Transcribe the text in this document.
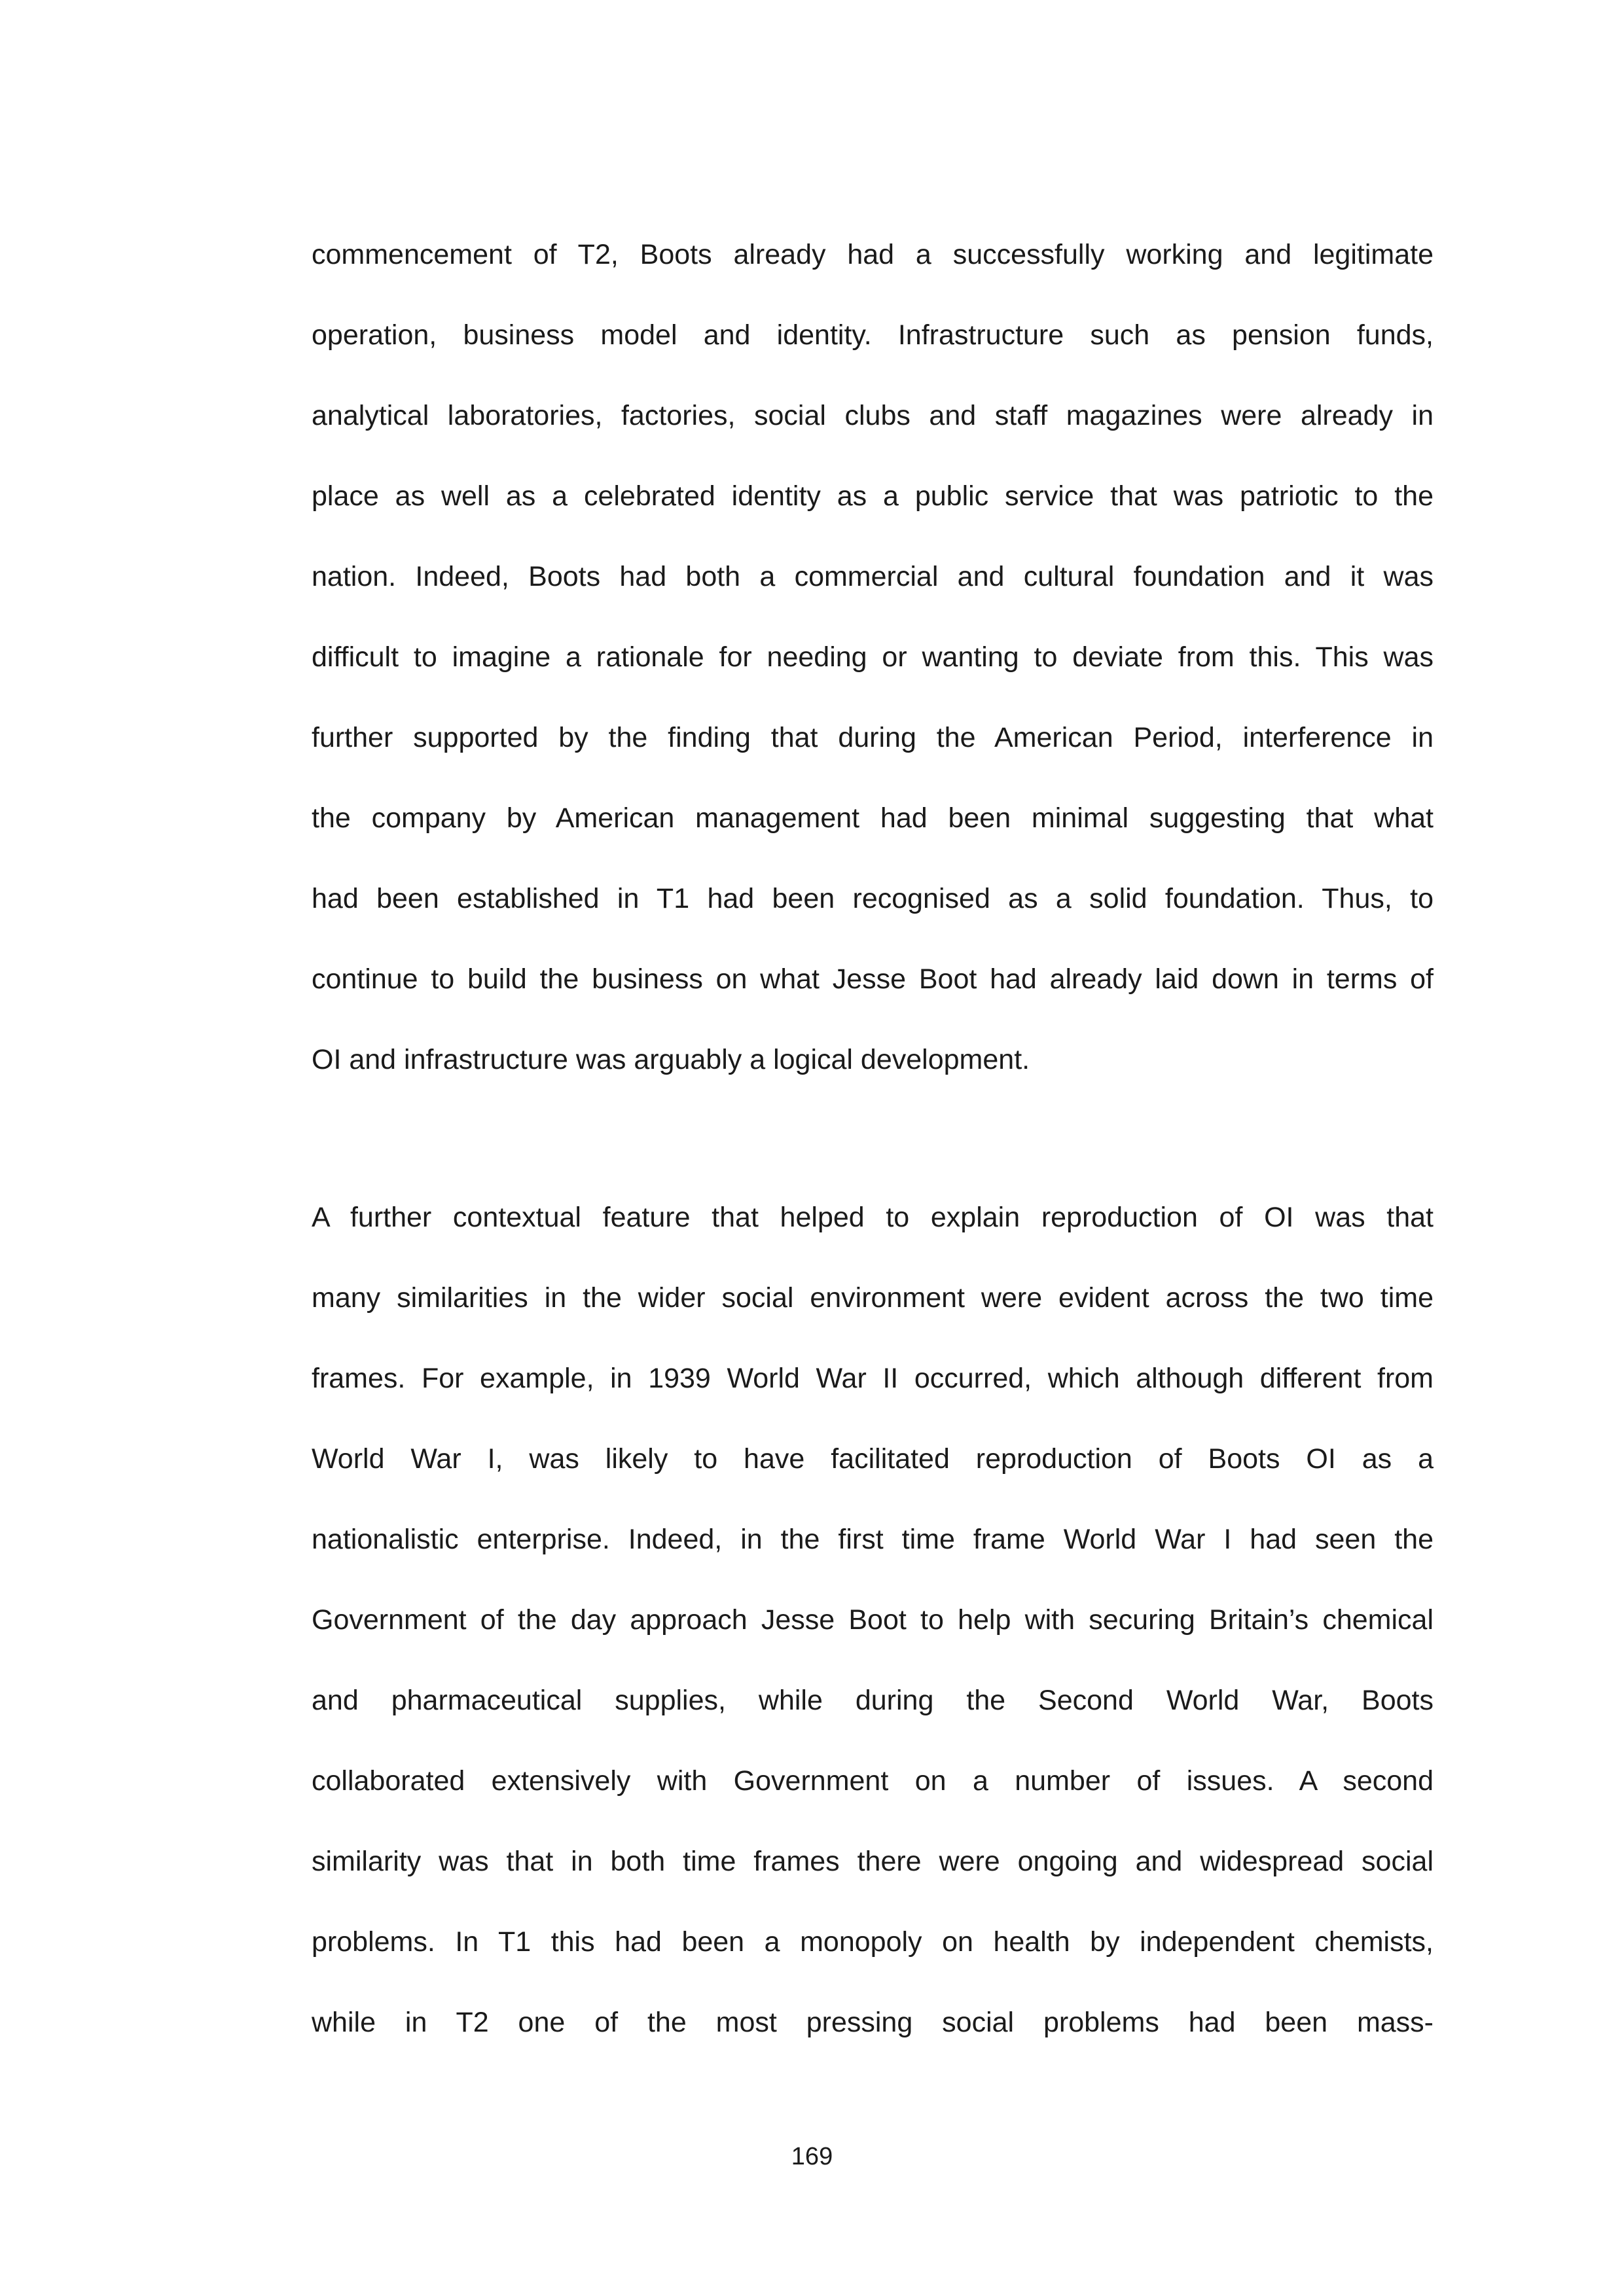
commencement of T2, Boots already had a successfully working and legitimate
operation, business model and identity. Infrastructure such as pension funds,
analytical laboratories, factories, social clubs and staff magazines were already in
place as well as a celebrated identity as a public service that was patriotic to the
nation. Indeed, Boots had both a commercial and cultural foundation and it was
difficult to imagine a rationale for needing or wanting to deviate from this. This was
further supported by the finding that during the American Period, interference in
the company by American management had been minimal suggesting that what
had been established in T1 had been recognised as a solid foundation. Thus, to
continue to build the business on what Jesse Boot had already laid down in terms of
OI and infrastructure was arguably a logical development.
A further contextual feature that helped to explain reproduction of OI was that
many similarities in the wider social environment were evident across the two time
frames. For example, in 1939 World War II occurred, which although different from
World War I, was likely to have facilitated reproduction of Boots OI as a
nationalistic enterprise. Indeed, in the first time frame World War I had seen the
Government of the day approach Jesse Boot to help with securing Britain’s chemical
and pharmaceutical supplies, while during the Second World War, Boots
collaborated extensively with Government on a number of issues. A second
similarity was that in both time frames there were ongoing and widespread social
problems. In T1 this had been a monopoly on health by independent chemists,
while in T2 one of the most pressing social problems had been mass-
169
